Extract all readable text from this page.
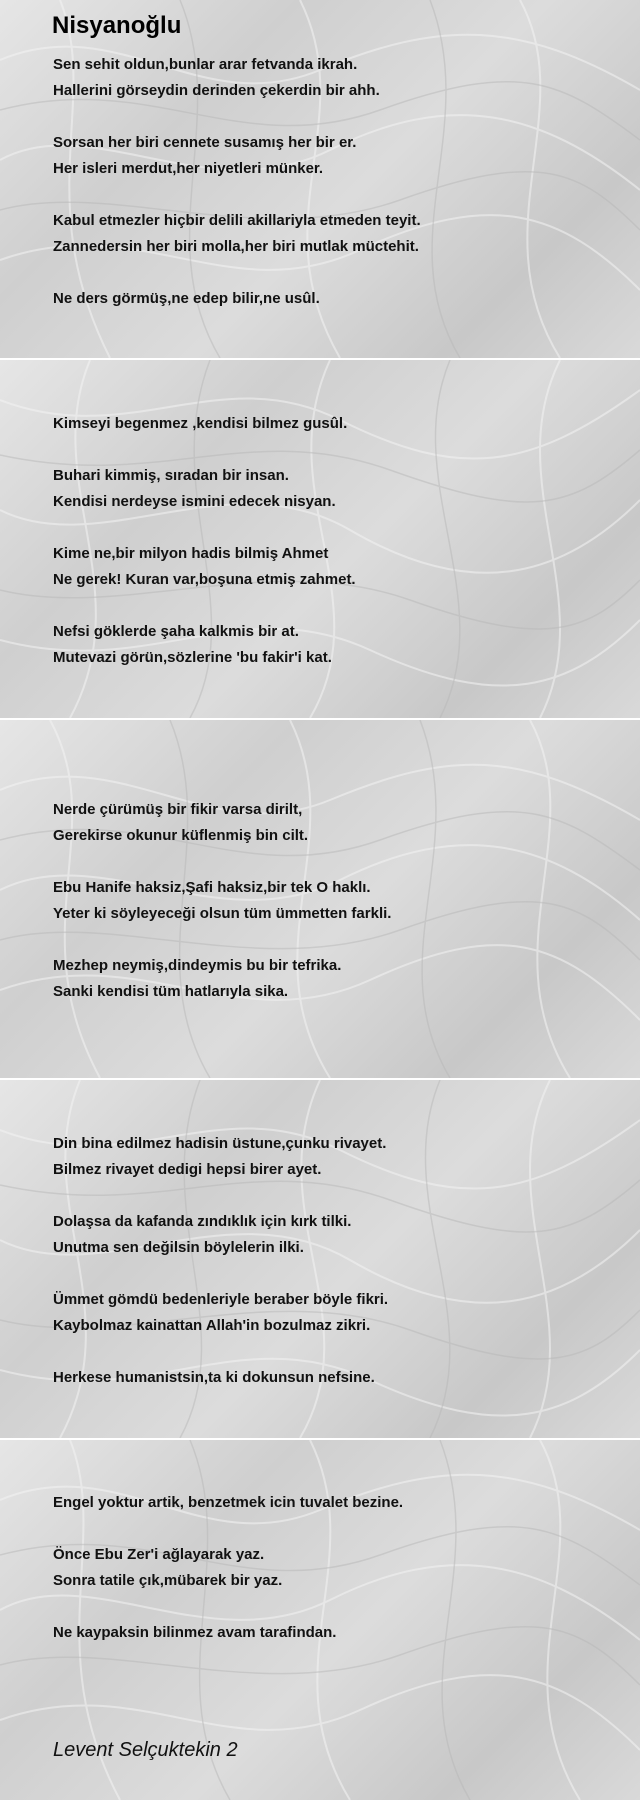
Nisyanoğlu
Sen sehit oldun,bunlar arar fetvanda ikrah.
Hallerini görseydin derinden çekerdin bir ahh.
Sorsan her biri cennete susamış her bir er.
Her isleri merdut,her niyetleri münker.
Kabul etmezler hiçbir delili akillariyla etmeden teyit.
Zannedersin her biri molla,her biri mutlak müctehit.
Ne ders görmüş,ne edep bilir,ne usûl.
Kimseyi begenmez ,kendisi bilmez gusûl.
Buhari kimmiş, sıradan bir insan.
Kendisi nerdeyse ismini edecek nisyan.
Kime ne,bir milyon hadis bilmiş Ahmet
Ne gerek! Kuran var,boşuna etmiş zahmet.
Nefsi göklerde şaha kalkmis bir at.
Mutevazi görün,sözlerine 'bu fakir'i kat.
Nerde çürümüş bir fikir varsa dirilt,
Gerekirse okunur küflenmiş bin cilt.
Ebu Hanife haksiz,Şafi haksiz,bir tek O haklı.
Yeter ki söyleyeceği olsun tüm ümmetten farkli.
Mezhep neymiş,dindeymis bu bir tefrika.
Sanki kendisi tüm hatlarıyla sika.
Din bina edilmez hadisin üstune,çunku rivayet.
Bilmez rivayet dedigi hepsi birer ayet.
Dolaşsa da kafanda zındıklık için kırk tilki.
Unutma sen değilsin böylelerin ilki.
Ümmet gömdü bedenleriyle beraber böyle fikri.
Kaybolmaz kainattan Allah'in bozulmaz zikri.
Herkese humanistsin,ta ki dokunsun nefsine.
Engel yoktur artik, benzetmek icin tuvalet bezine.
Önce Ebu Zer'i ağlayarak yaz.
Sonra tatile çık,mübarek bir yaz.
Ne kaypaksin bilinmez avam tarafindan.
Levent Selçuktekin 2
